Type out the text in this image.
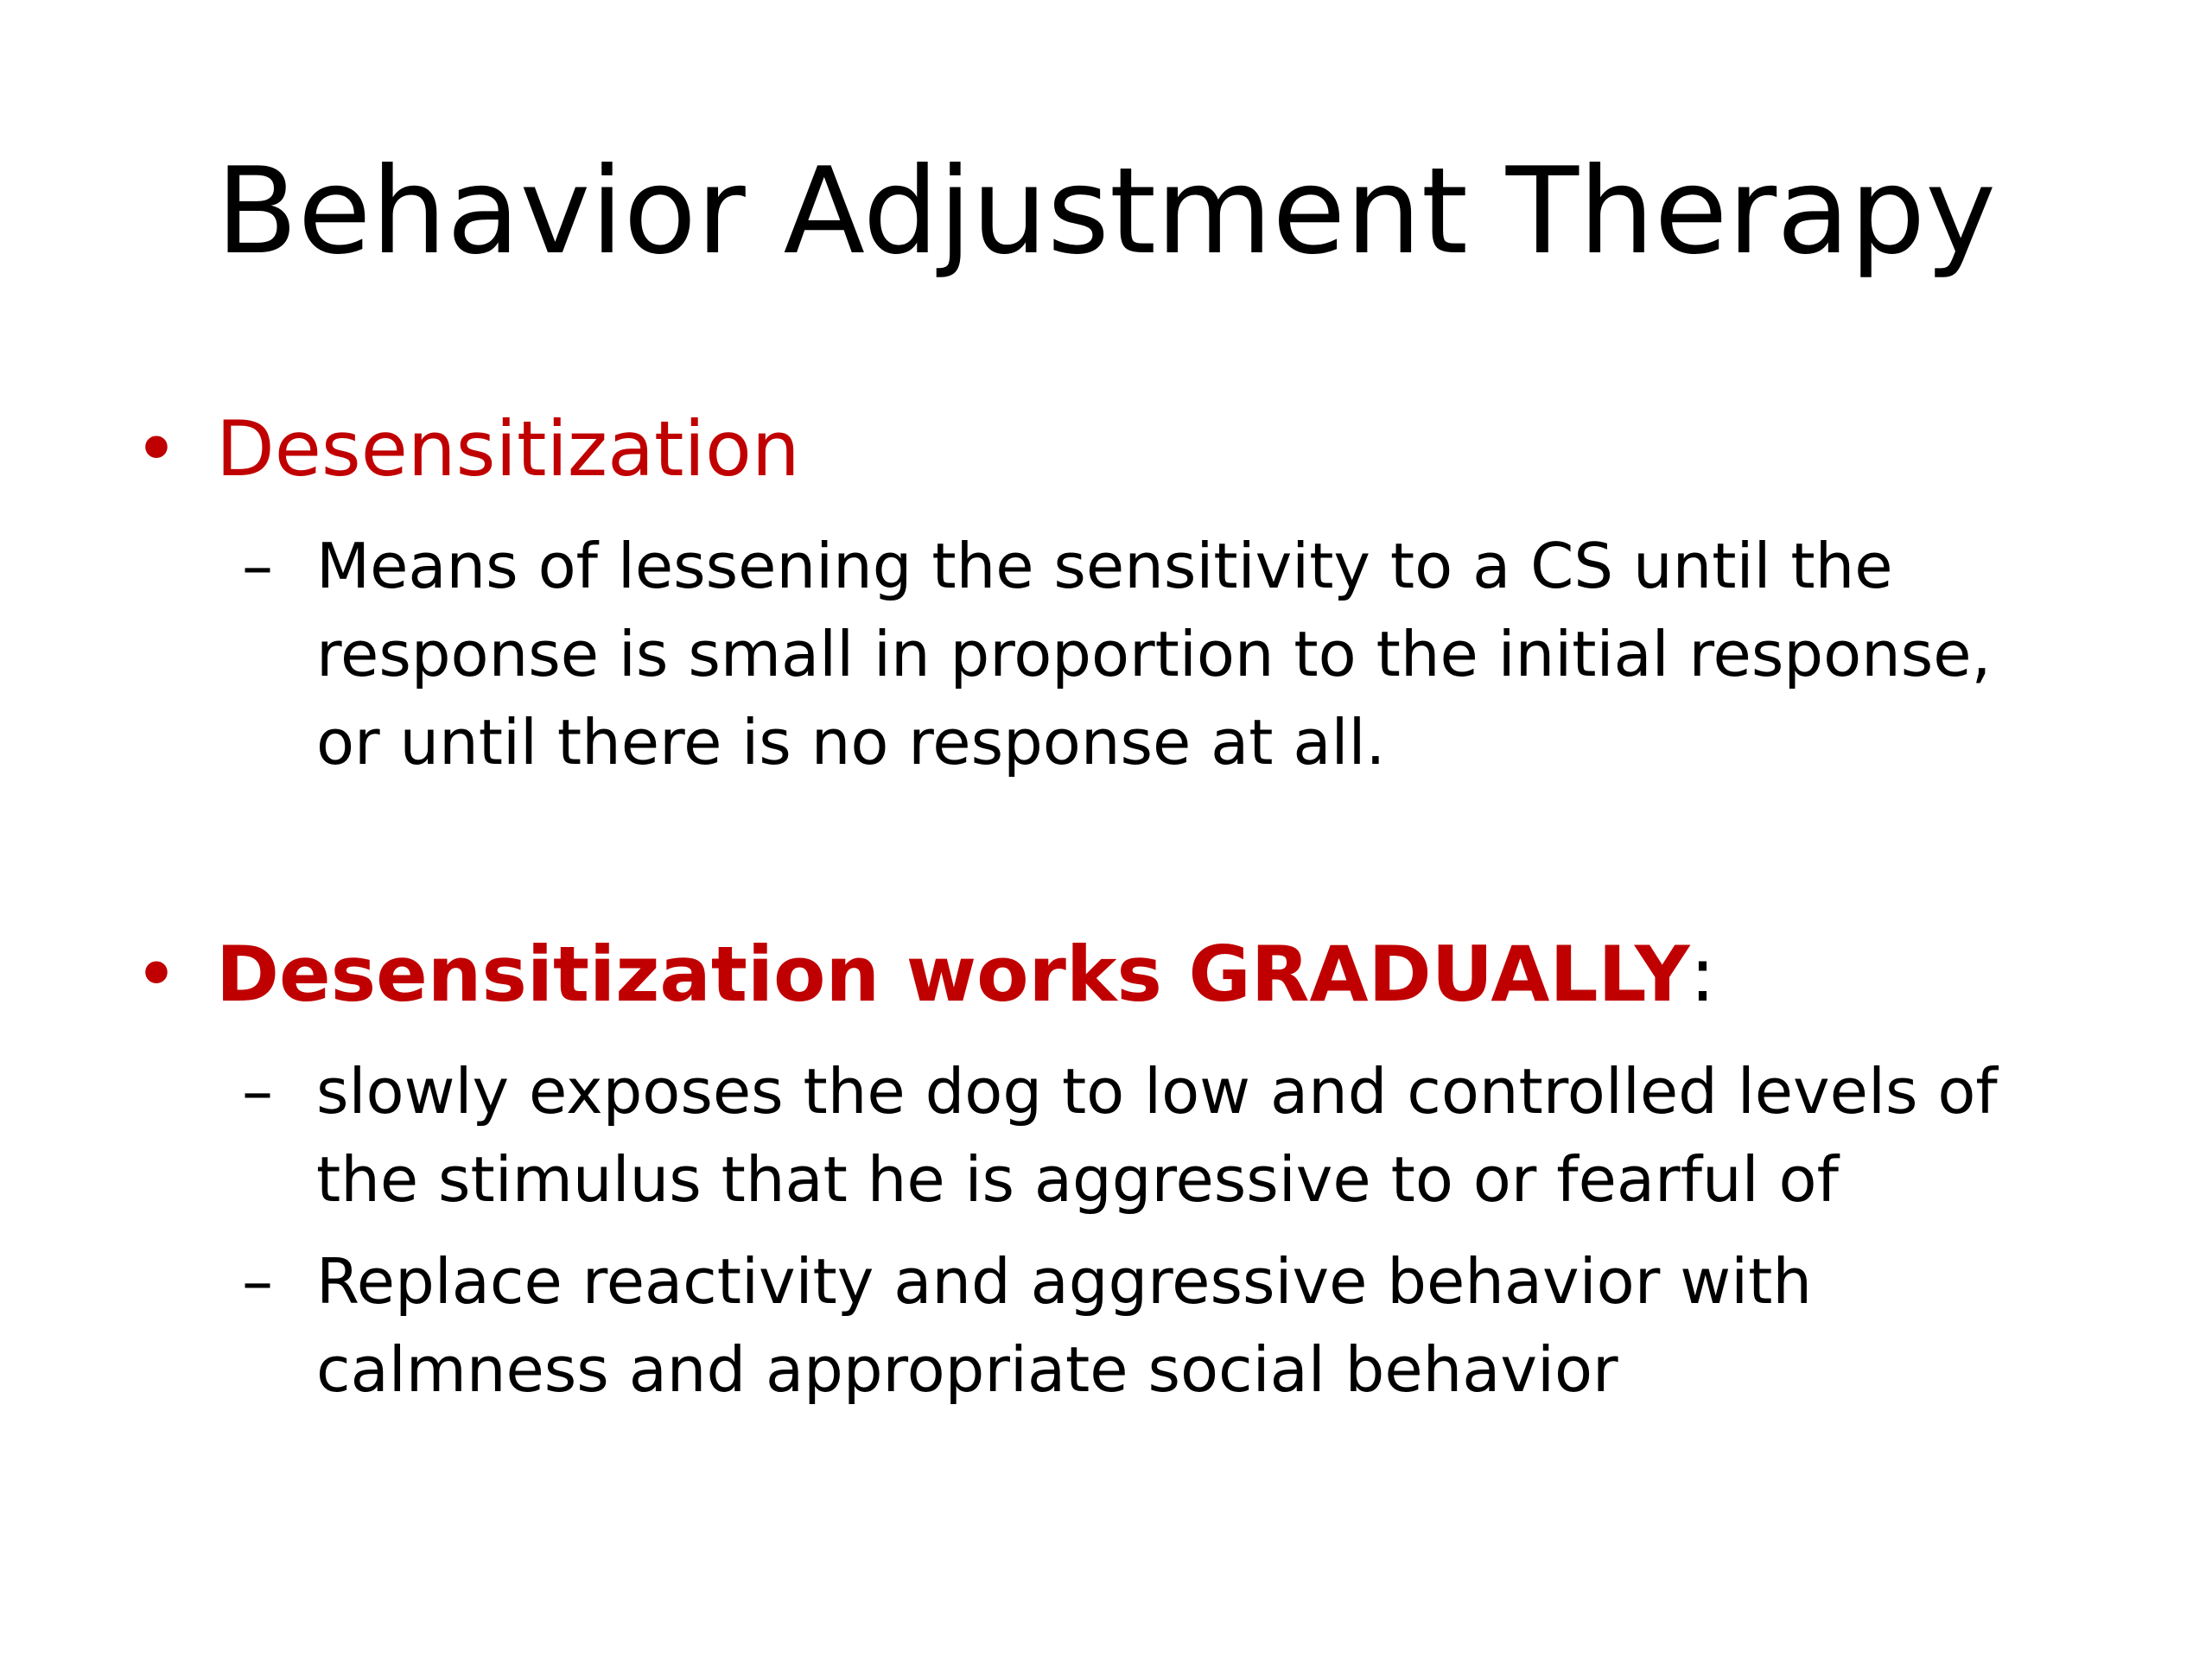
Behavior Adjustment Therapy
• Desensitization
– Means of lessening the sensitivity to a CS until the
response is small in proportion to the initial response,
or until there is no response at all.
• Desensitization works GRADUALLY:
– slowly exposes the dog to low and controlled levels of
the stimulus that he is aggressive to or fearful of
– Replace reactivity and aggressive behavior with
calmness and appropriate social behavior
